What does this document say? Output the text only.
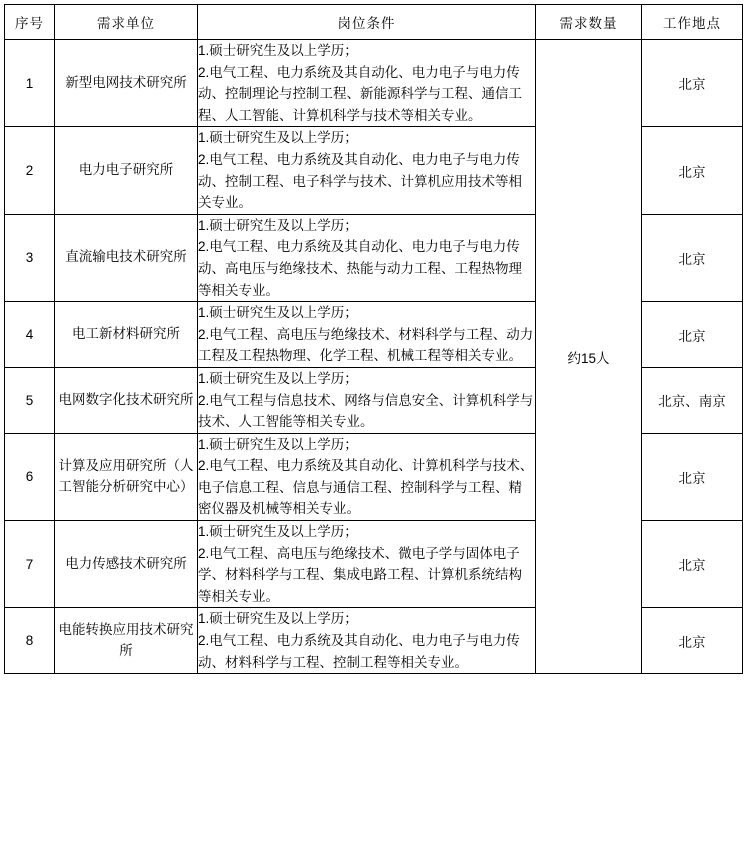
序号	需求单位	岗位条件	需求数量	工作地点
1	新型电网技术研究所	1.硕士研究生及以上学历；
2.电气工程、电力系统及其自动化、电力电子与电力传动、控制理论与控制工程、新能源科学与工程、通信工程、人工智能、计算机科学与技术等相关专业。	约15人	北京
2	电力电子研究所	1.硕士研究生及以上学历；
2.电气工程、电力系统及其自动化、电力电子与电力传动、控制工程、电子科学与技术、计算机应用技术等相关专业。		北京
3	直流输电技术研究所	1.硕士研究生及以上学历；
2.电气工程、电力系统及其自动化、电力电子与电力传动、高电压与绝缘技术、热能与动力工程、工程热物理等相关专业。		北京
4	电工新材料研究所	1.硕士研究生及以上学历；
2.电气工程、高电压与绝缘技术、材料科学与工程、动力工程及工程热物理、化学工程、机械工程等相关专业。		北京
5	电网数字化技术研究所	1.硕士研究生及以上学历；
2.电气工程与信息技术、网络与信息安全、计算机科学与技术、人工智能等相关专业。		北京、南京
6	计算及应用研究所（人工智能分析研究中心）	1.硕士研究生及以上学历；
2.电气工程、电力系统及其自动化、计算机科学与技术、电子信息工程、信息与通信工程、控制科学与工程、精密仪器及机械等相关专业。		北京
7	电力传感技术研究所	1.硕士研究生及以上学历；
2.电气工程、高电压与绝缘技术、微电子学与固体电子学、材料科学与工程、集成电路工程、计算机系统结构等相关专业。		北京
8	电能转换应用技术研究所	1.硕士研究生及以上学历；
2.电气工程、电力系统及其自动化、电力电子与电力传动、材料科学与工程、控制工程等相关专业。		北京
